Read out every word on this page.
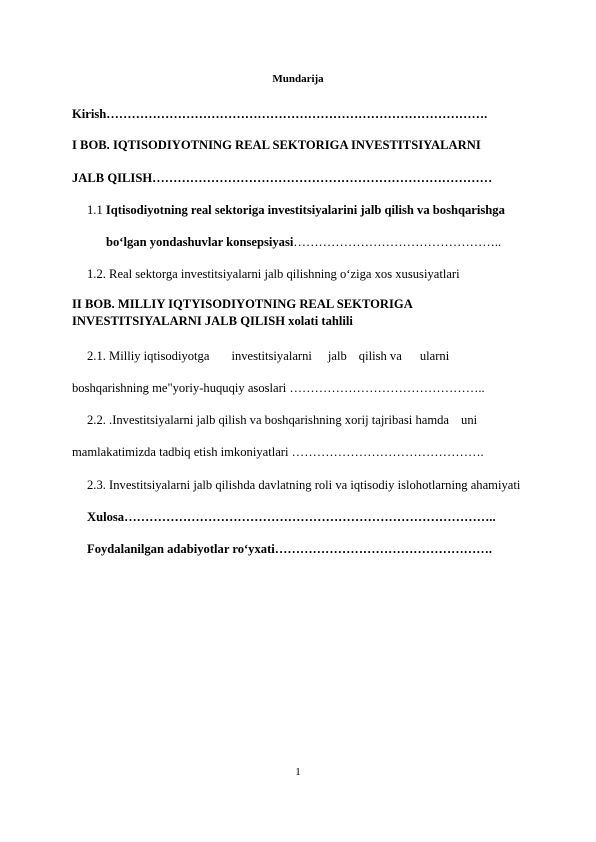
Mundarija
Kirish……………………………………………………………………………….
I BOB. IQTISODIYOTNING REAL SEKTORIGA INVESTITSIYALARNI
JALB QILISH………………………………………………………………………
1.1 Iqtisodiyotning real sektoriga investitsiyalarini jalb qilish va boshqarishga
bo‘lgan yondashuvlar konsepsiyasi…………………………………………..
1.2. Real sektorga investitsiyalarni jalb qilishning o‘ziga xos xususiyatlari
II BOB. MILLIY IQTYISODIYOTNING REAL SEKTORIGA
INVESTITSIYALARNI JALB QILISH xolati tahlili
2.1. Milliy iqtisodiyotga investitsiyalarni jalb qilish va ularni
boshqarishning me"yoriy-huquqiy asoslari ………………………………………..
2.2. .Investitsiyalarni jalb qilish va boshqarishning xorij tajribasi hamda uni
mamlakatimizda tadbiq etish imkoniyatlari ……………………………………….
2.3. Investitsiyalarni jalb qilishda davlatning roli va iqtisodiy islohotlarning ahamiyati
Xulosa……………………………………………………………………………..
Foydalanilgan adabiyotlar ro‘yxati…………………………………………….
1
